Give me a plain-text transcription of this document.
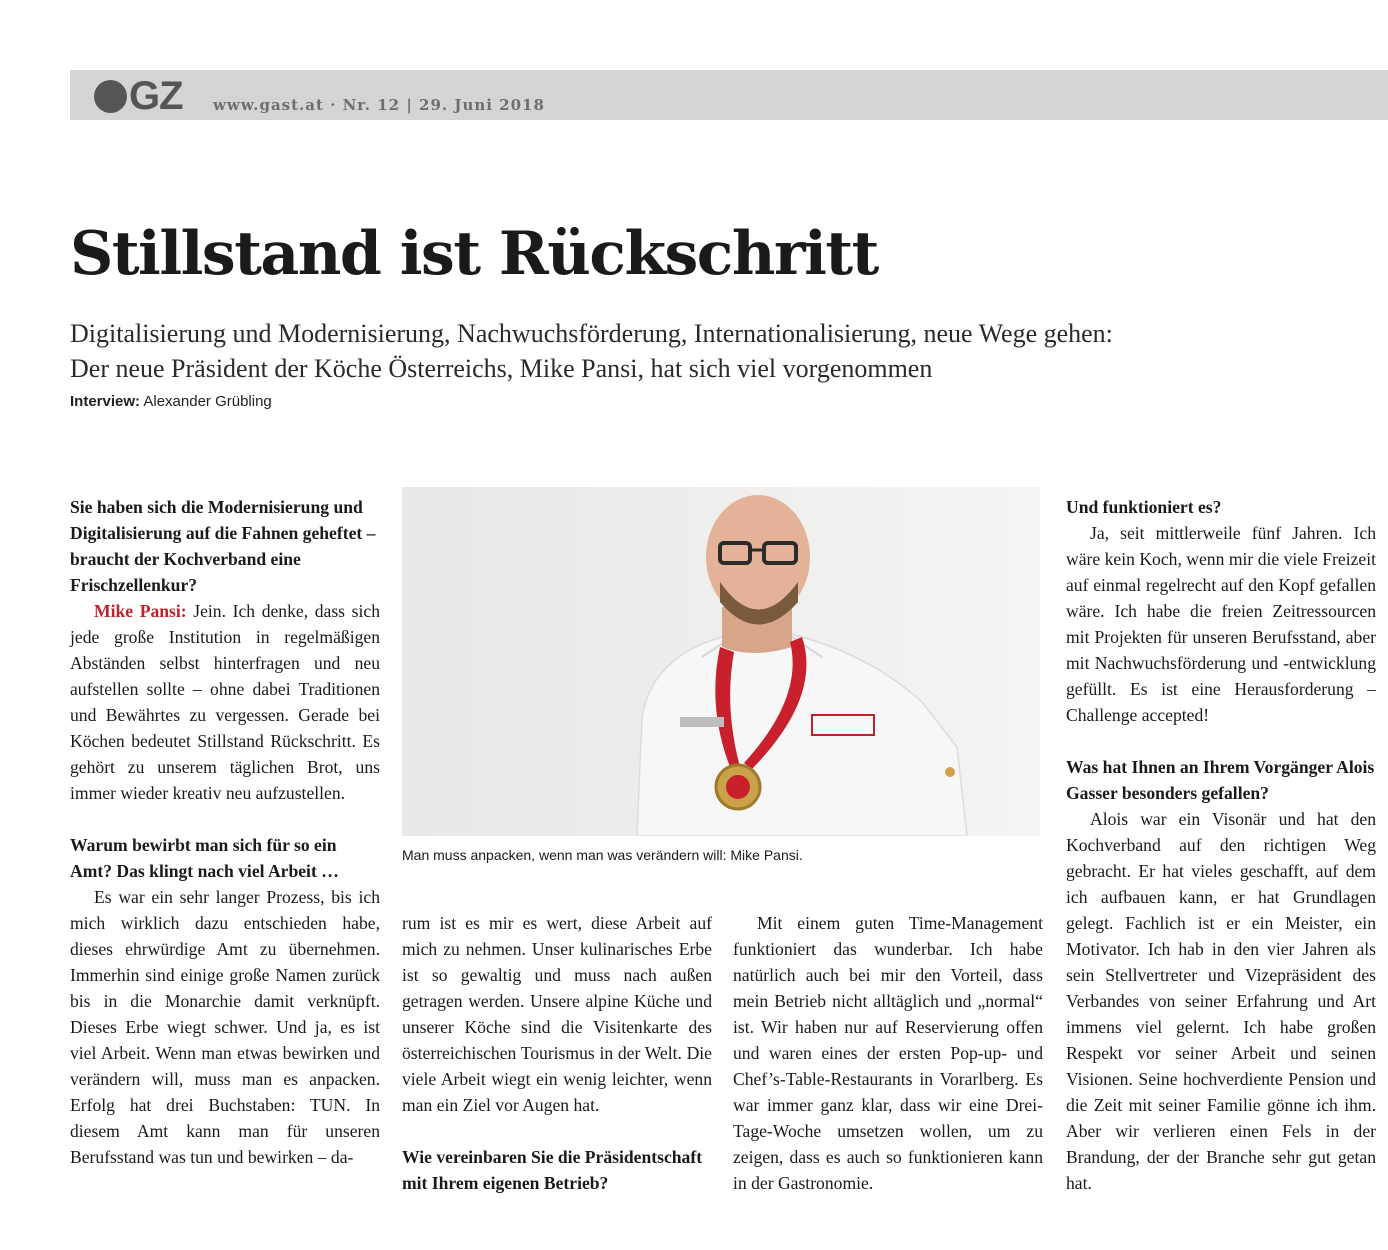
GZ www.gast.at · Nr. 12 | 29. Juni 2018
Stillstand ist Rückschritt
Digitalisierung und Modernisierung, Nachwuchsförderung, Internationalisierung, neue Wege gehen:
Der neue Präsident der Köche Österreichs, Mike Pansi, hat sich viel vorgenommen
Interview: Alexander Grübling

Sie haben sich die Modernisierung und Digitalisierung auf die Fahnen geheftet – braucht der Kochverband eine Frischzellenkur?

Mike Pansi: Jein. Ich denke, dass sich jede große Institution in regelmäßigen Abständen selbst hinterfragen und neu aufstellen sollte – ohne dabei Traditionen und Bewährtes zu vergessen. Gerade bei Köchen bedeutet Stillstand Rückschritt. Es gehört zu unserem täglichen Brot, uns immer wieder kreativ neu aufzustellen.

Warum bewirbt man sich für so ein Amt? Das klingt nach viel Arbeit …

Es war ein sehr langer Prozess, bis ich mich wirklich dazu entschieden habe, dieses ehrwürdige Amt zu übernehmen. Immerhin sind einige große Namen zurück bis in die Monarchie damit verknüpft. Dieses Erbe wiegt schwer. Und ja, es ist viel Arbeit. Wenn man etwas bewirken und verändern will, muss man es anpacken. Erfolg hat drei Buchstaben: TUN. In diesem Amt kann man für unseren Berufsstand was tun und bewirken – da-

Man muss anpacken, wenn man was verändern will: Mike Pansi.

rum ist es mir es wert, diese Arbeit auf mich zu nehmen. Unser kulinarisches Erbe ist so gewaltig und muss nach außen getragen werden. Unsere alpine Küche und unserer Köche sind die Visitenkarte des österreichischen Tourismus in der Welt. Die viele Arbeit wiegt ein wenig leichter, wenn man ein Ziel vor Augen hat.

Wie vereinbaren Sie die Präsidentschaft mit Ihrem eigenen Betrieb?

Mit einem guten Time-Management funktioniert das wunderbar. Ich habe natürlich auch bei mir den Vorteil, dass mein Betrieb nicht alltäglich und „normal“ ist. Wir haben nur auf Reservierung offen und waren eines der ersten Pop-up- und Chef’s-Table-Restaurants in Vorarlberg. Es war immer ganz klar, dass wir eine Drei-Tage-Woche umsetzen wollen, um zu zeigen, dass es auch so funktionieren kann in der Gastronomie.

Und funktioniert es?

Ja, seit mittlerweile fünf Jahren. Ich wäre kein Koch, wenn mir die viele Freizeit auf einmal regelrecht auf den Kopf gefallen wäre. Ich habe die freien Zeitressourcen mit Projekten für unseren Berufsstand, aber mit Nachwuchsförderung und -entwicklung gefüllt. Es ist eine Herausforderung – Challenge accepted!

Was hat Ihnen an Ihrem Vorgänger Alois Gasser besonders gefallen?

Alois war ein Visonär und hat den Kochverband auf den richtigen Weg gebracht. Er hat vieles geschafft, auf dem ich aufbauen kann, er hat Grundlagen gelegt. Fachlich ist er ein Meister, ein Motivator. Ich hab in den vier Jahren als sein Stellvertreter und Vizepräsident des Verbandes von seiner Erfahrung und Art immens viel gelernt. Ich habe großen Respekt vor seiner Arbeit und seinen Visionen. Seine hochverdiente Pension und die Zeit mit seiner Familie gönne ich ihm. Aber wir verlieren einen Fels in der Brandung, der der Branche sehr gut getan hat.
